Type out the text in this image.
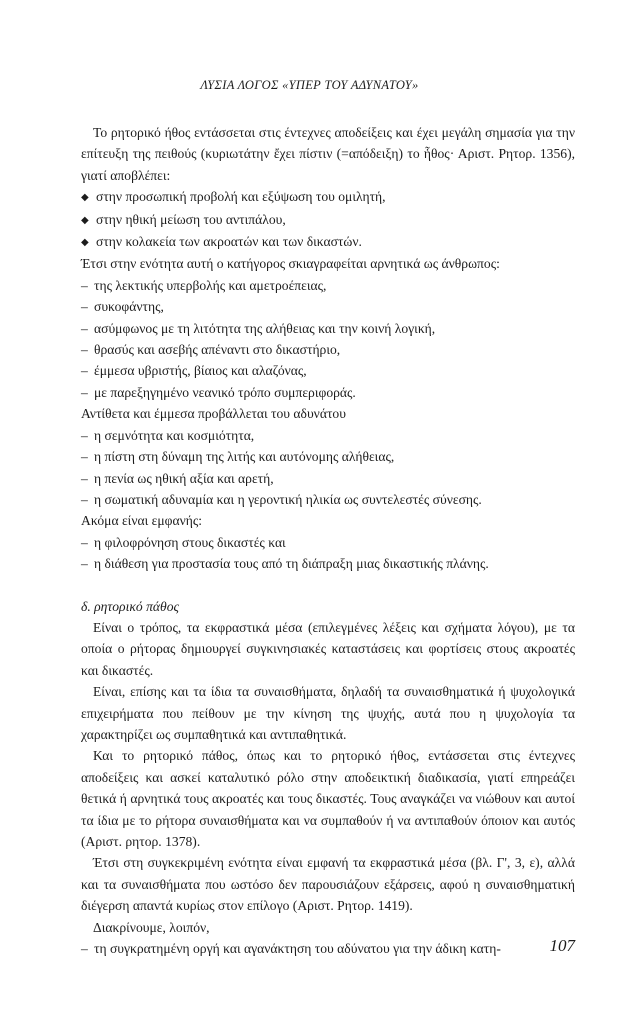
ΛΥΣΙΑ ΛΟΓΟΣ «ΥΠΕΡ ΤΟΥ ΑΔΥΝΑΤΟΥ»

Το ρητορικό ήθος εντάσσεται στις έντεχνες αποδείξεις και έχει μεγάλη σημασία για την επίτευξη της πειθούς (κυριωτάτην ἔχει πίστιν (=απόδειξη) το ἦθος· Αριστ. Ρητορ. 1356), γιατί αποβλέπει:

◆ στην προσωπική προβολή και εξύψωση του ομιλητή,
◆ στην ηθική μείωση του αντιπάλου,
◆ στην κολακεία των ακροατών και των δικαστών.

Έτσι στην ενότητα αυτή ο κατήγορος σκιαγραφείται αρνητικά ως άνθρωπος:

– της λεκτικής υπερβολής και αμετροέπειας,
– συκοφάντης,
– ασύμφωνος με τη λιτότητα της αλήθειας και την κοινή λογική,
– θρασύς και ασεβής απέναντι στο δικαστήριο,
– έμμεσα υβριστής, βίαιος και αλαζόνας,
– με παρεξηγημένο νεανικό τρόπο συμπεριφοράς.

Αντίθετα και έμμεσα προβάλλεται του αδυνάτου

– η σεμνότητα και κοσμιότητα,
– η πίστη στη δύναμη της λιτής και αυτόνομης αλήθειας,
– η πενία ως ηθική αξία και αρετή,
– η σωματική αδυναμία και η γεροντική ηλικία ως συντελεστές σύνεσης.

Ακόμα είναι εμφανής:

– η φιλοφρόνηση στους δικαστές και
– η διάθεση για προστασία τους από τη διάπραξη μιας δικαστικής πλάνης.

δ. ρητορικό πάθος

Είναι ο τρόπος, τα εκφραστικά μέσα (επιλεγμένες λέξεις και σχήματα λόγου), με τα οποία ο ρήτορας δημιουργεί συγκινησιακές καταστάσεις και φορτίσεις στους ακροατές και δικαστές.

Είναι, επίσης και τα ίδια τα συναισθήματα, δηλαδή τα συναισθηματικά ή ψυχολογικά επιχειρήματα που πείθουν με την κίνηση της ψυχής, αυτά που η ψυχολογία τα χαρακτηρίζει ως συμπαθητικά και αντιπαθητικά.

Και το ρητορικό πάθος, όπως και το ρητορικό ήθος, εντάσσεται στις έντεχνες αποδείξεις και ασκεί καταλυτικό ρόλο στην αποδεικτική διαδικασία, γιατί επηρεάζει θετικά ή αρνητικά τους ακροατές και τους δικαστές. Τους αναγκάζει να νιώθουν και αυτοί τα ίδια με το ρήτορα συναισθήματα και να συμπαθούν ή να αντιπαθούν όποιον και αυτός (Αριστ. ρητορ. 1378).

Έτσι στη συγκεκριμένη ενότητα είναι εμφανή τα εκφραστικά μέσα (βλ. Γ', 3, ε), αλλά και τα συναισθήματα που ωστόσο δεν παρουσιάζουν εξάρσεις, αφού η συναισθηματική διέγερση απαντά κυρίως στον επίλογο (Αριστ. Ρητορ. 1419).

Διακρίνουμε, λοιπόν,

– τη συγκρατημένη οργή και αγανάκτηση του αδύνατου για την άδικη κατη-	107
